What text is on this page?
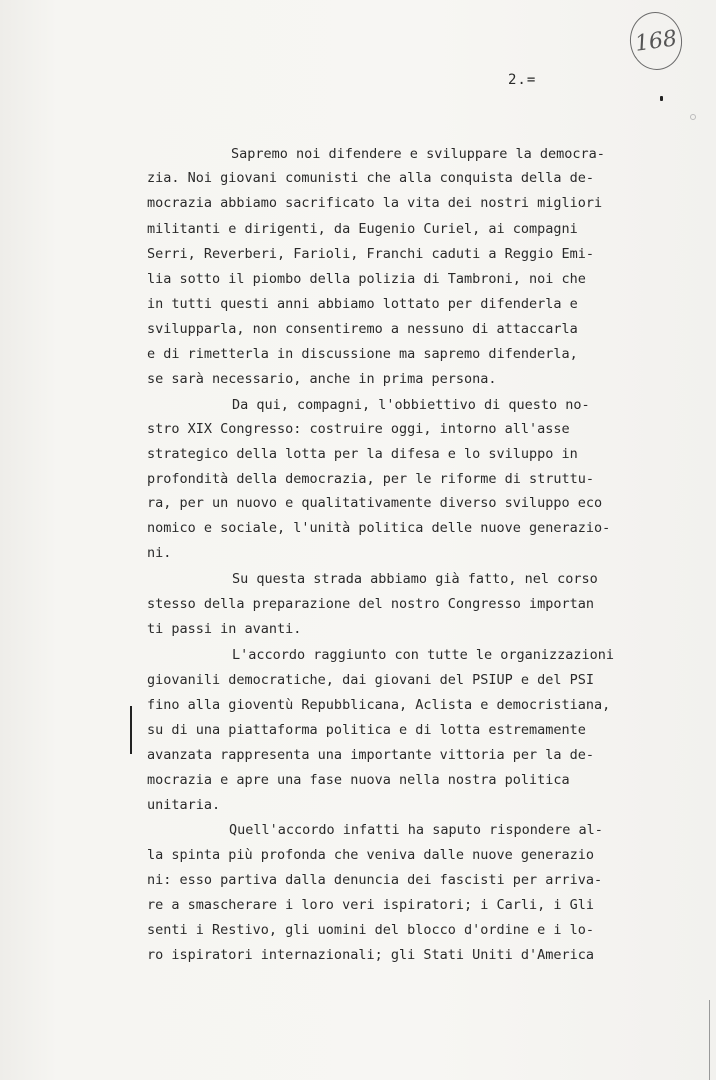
168
2.=
Sapremo noi difendere e sviluppare la democra-
zia. Noi giovani comunisti che alla conquista della de-
mocrazia abbiamo sacrificato la vita dei nostri migliori
militanti e dirigenti, da Eugenio Curiel, ai compagni
Serri, Reverberi, Farioli, Franchi caduti a Reggio Emi-
lia sotto il piombo della polizia di Tambroni, noi che
in tutti questi anni abbiamo lottato per difenderla e
svilupparla, non consentiremo a nessuno di attaccarla
e di rimetterla in discussione ma sapremo difenderla,
se sarà necessario, anche in prima persona.
Da qui, compagni, l'obbiettivo di questo no-
stro XIX Congresso: costruire oggi, intorno all'asse
strategico della lotta per la difesa e lo sviluppo in
profondità della democrazia, per le riforme di struttu-
ra, per un nuovo e qualitativamente diverso sviluppo eco
nomico e sociale, l'unità politica delle nuove generazio-
ni.
Su questa strada abbiamo già fatto, nel corso
stesso della preparazione del nostro Congresso importan
ti passi in avanti.
L'accordo raggiunto con tutte le organizzazioni
giovanili democratiche, dai giovani del PSIUP e del PSI
fino alla gioventù Repubblicana, Aclista e democristiana,
su di una piattaforma politica e di lotta estremamente
avanzata rappresenta una importante vittoria per la de-
mocrazia e apre una fase nuova nella nostra politica
unitaria.
Quell'accordo infatti ha saputo rispondere al-
la spinta più profonda che veniva dalle nuove generazio
ni: esso partiva dalla denuncia dei fascisti per arriva-
re a smascherare i loro veri ispiratori; i Carli, i Gli
senti i Restivo, gli uomini del blocco d'ordine e i lo-
ro ispiratori internazionali; gli Stati Uniti d'America
